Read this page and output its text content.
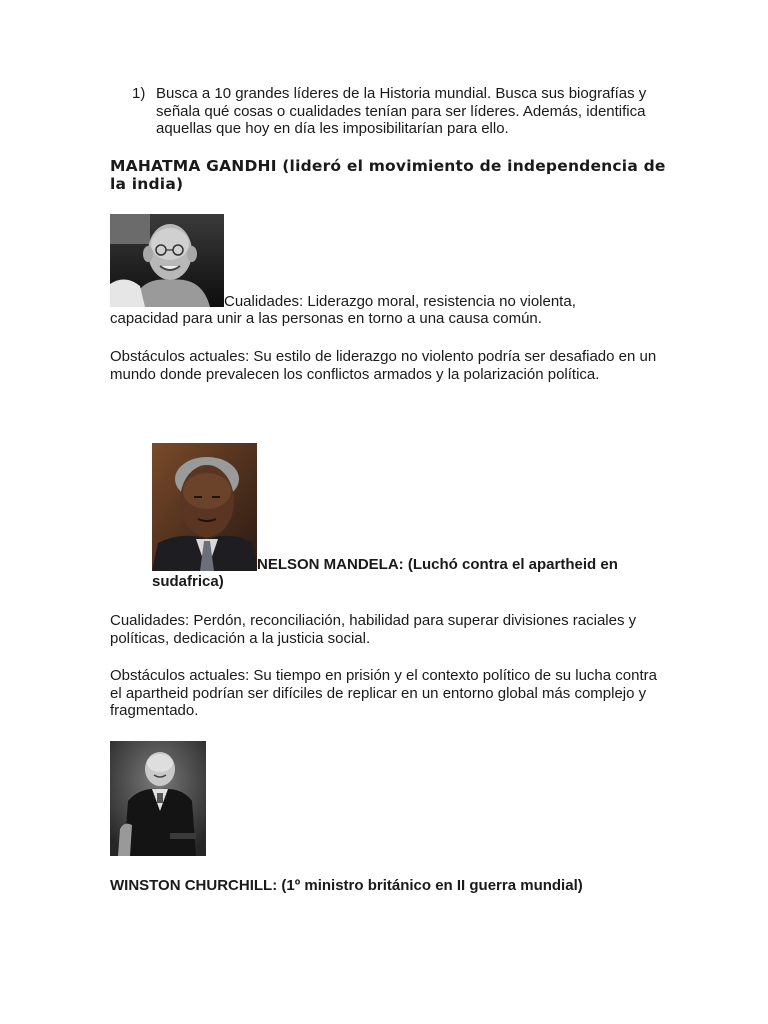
1) Busca a 10 grandes líderes de la Historia mundial. Busca sus biografías y señala qué cosas o cualidades tenían para ser líderes. Además, identifica aquellas que hoy en día les imposibilitarían para ello.
MAHATMA GANDHI (lideró el movimiento de independencia de la india)
Cualidades: Liderazgo moral, resistencia no violenta,
capacidad para unir a las personas en torno a una causa común.
Obstáculos actuales: Su estilo de liderazgo no violento podría ser desafiado en un mundo donde prevalecen los conflictos armados y la polarización política.
NELSON MANDELA: (Luchó contra el apartheid en
sudafrica)
Cualidades: Perdón, reconciliación, habilidad para superar divisiones raciales y políticas, dedicación a la justicia social.
Obstáculos actuales: Su tiempo en prisión y el contexto político de su lucha contra el apartheid podrían ser difíciles de replicar en un entorno global más complejo y fragmentado.
WINSTON CHURCHILL: (1º ministro británico en II guerra mundial)
